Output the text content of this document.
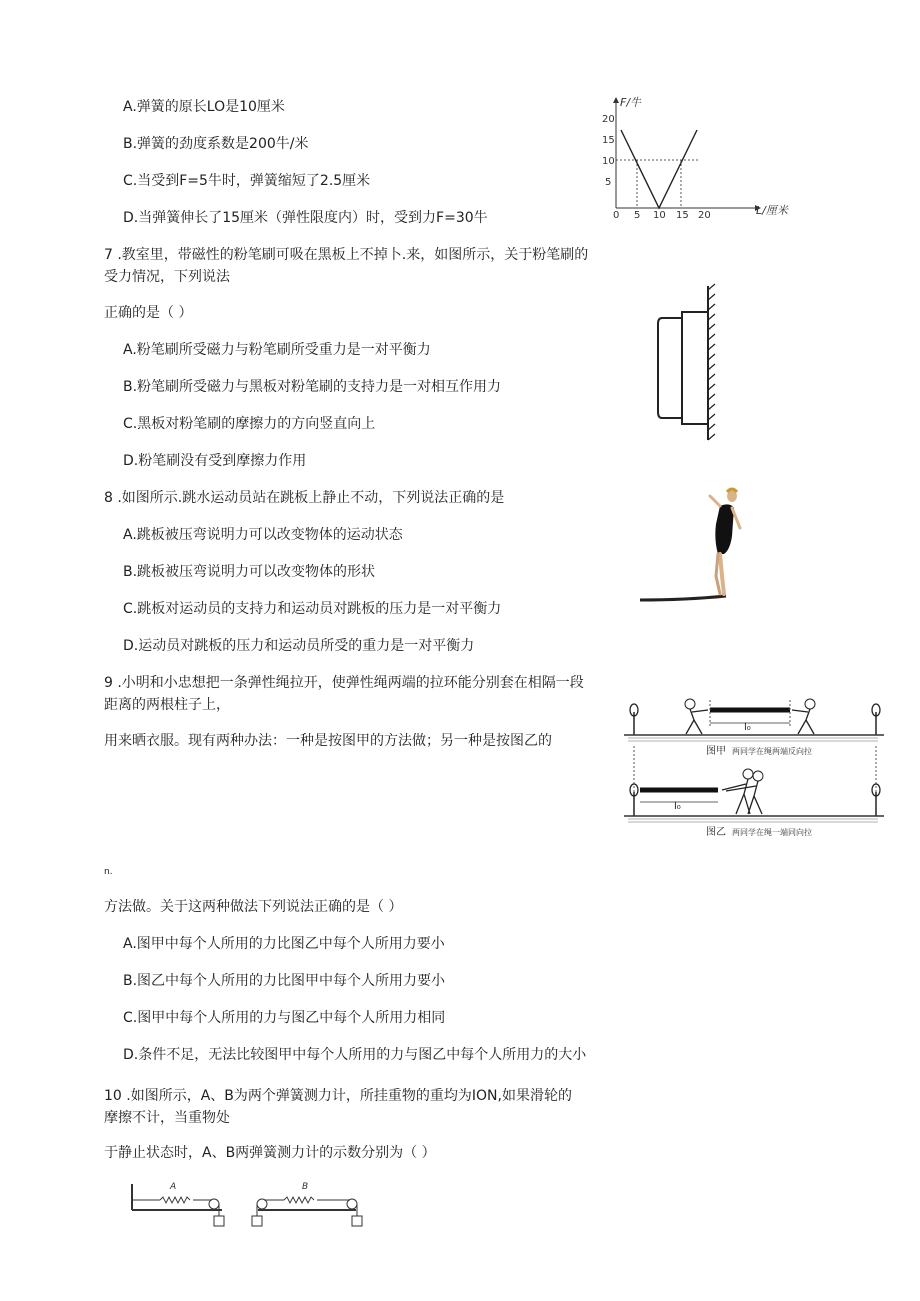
A.弹簧的原长LO是10厘米
B.弹簧的劲度系数是200牛/米
C.当受到F=5牛时，弹簧缩短了2.5厘米
D.当弹簧伸长了15厘米（弹性限度内）时，受到力F=30牛
F/牛
L/厘米
20
15
10
5
0 5 10 15 20
7 .教室里，带磁性的粉笔刷可吸在黑板上不掉卜.来，如图所示，关于粉笔刷的
受力情况，下列说法
正确的是（ ）
A.粉笔刷所受磁力与粉笔刷所受重力是一对平衡力
B.粉笔刷所受磁力与黑板对粉笔刷的支持力是一对相互作用力
C.黑板对粉笔刷的摩擦力的方向竖直向上
D.粉笔刷没有受到摩擦力作用
8 .如图所示.跳水运动员站在跳板上静止不动，下列说法正确的是
A.跳板被压弯说明力可以改变物体的运动状态
B.跳板被压弯说明力可以改变物体的形状
C.跳板对运动员的支持力和运动员对跳板的压力是一对平衡力
D.运动员对跳板的压力和运动员所受的重力是一对平衡力
9 .小明和小忠想把一条弹性绳拉开，使弹性绳两端的拉环能分别套在相隔一段
距离的两根柱子上，
用来晒衣服。现有两种办法：一种是按图甲的方法做；另一种是按图乙的
n.
方法做。关于这两种做法下列说法正确的是（ ）
A.图甲中每个人所用的力比图乙中每个人所用力要小
B.图乙中每个人所用的力比图甲中每个人所用力要小
C.图甲中每个人所用的力与图乙中每个人所用力相同
D.条件不足，无法比较图甲中每个人所用的力与图乙中每个人所用力的大小
l₀
图甲 两同学在绳两端反向拉
l₀
图乙 两同学在绳一端同向拉
10 .如图所示，A、B为两个弹簧测力计，所挂重物的重均为ION,如果滑轮的
摩擦不计，当重物处
于静止状态时，A、B两弹簧测力计的示数分别为（ ）
A	B
